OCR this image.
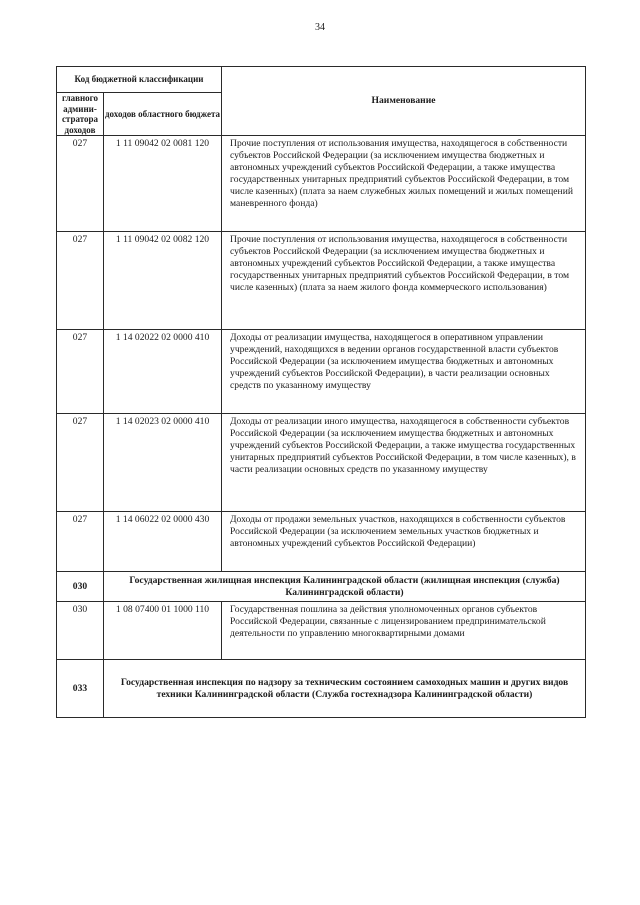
34
Код бюджетной классификации		Наименование
главного админи-стратора доходов	доходов областного бюджета	
027	1 11 09042 02 0081 120	Прочие поступления от использования имущества, находящегося в собственности субъектов Российской Федерации (за исключением имущества бюджетных и автономных учреждений субъектов Российской Федерации, а также имущества государственных унитарных предприятий субъектов Российской Федерации, в том числе казенных) (плата за наем служебных жилых помещений и жилых помещений маневренного фонда)
027	1 11 09042 02 0082 120	Прочие поступления от использования имущества, находящегося в собственности субъектов Российской Федерации (за исключением имущества бюджетных и автономных учреждений субъектов Российской Федерации, а также имущества государственных унитарных предприятий субъектов Российской Федерации, в том числе казенных) (плата за наем жилого фонда коммерческого использования)
027	1 14 02022 02 0000 410	Доходы от реализации имущества, находящегося в оперативном управлении учреждений, находящихся в ведении органов государственной власти субъектов Российской Федерации (за исключением имущества бюджетных и автономных учреждений субъектов Российской Федерации), в части реализации основных средств по указанному имуществу
027	1 14 02023 02 0000 410	Доходы от реализации иного имущества, находящегося в собственности субъектов Российской Федерации (за исключением имущества бюджетных и автономных учреждений субъектов Российской Федерации, а также имущества государственных унитарных предприятий субъектов Российской Федерации, в том числе казенных), в части реализации основных средств по указанному имуществу
027	1 14 06022 02 0000 430	Доходы от продажи земельных участков, находящихся в собственности субъектов Российской Федерации (за исключением земельных участков бюджетных и автономных учреждений субъектов Российской Федерации)
030	Государственная жилищная инспекция Калининградской области (жилищная инспекция (служба) Калининградской области)	
030	1 08 07400 01 1000 110	Государственная пошлина за действия уполномоченных органов субъектов Российской Федерации, связанные с лицензированием предпринимательской деятельности по управлению многоквартирными домами
033	Государственная инспекция по надзору за техническим состоянием самоходных машин и других видов техники Калининградской области (Служба гостехнадзора Калининградской области)	
